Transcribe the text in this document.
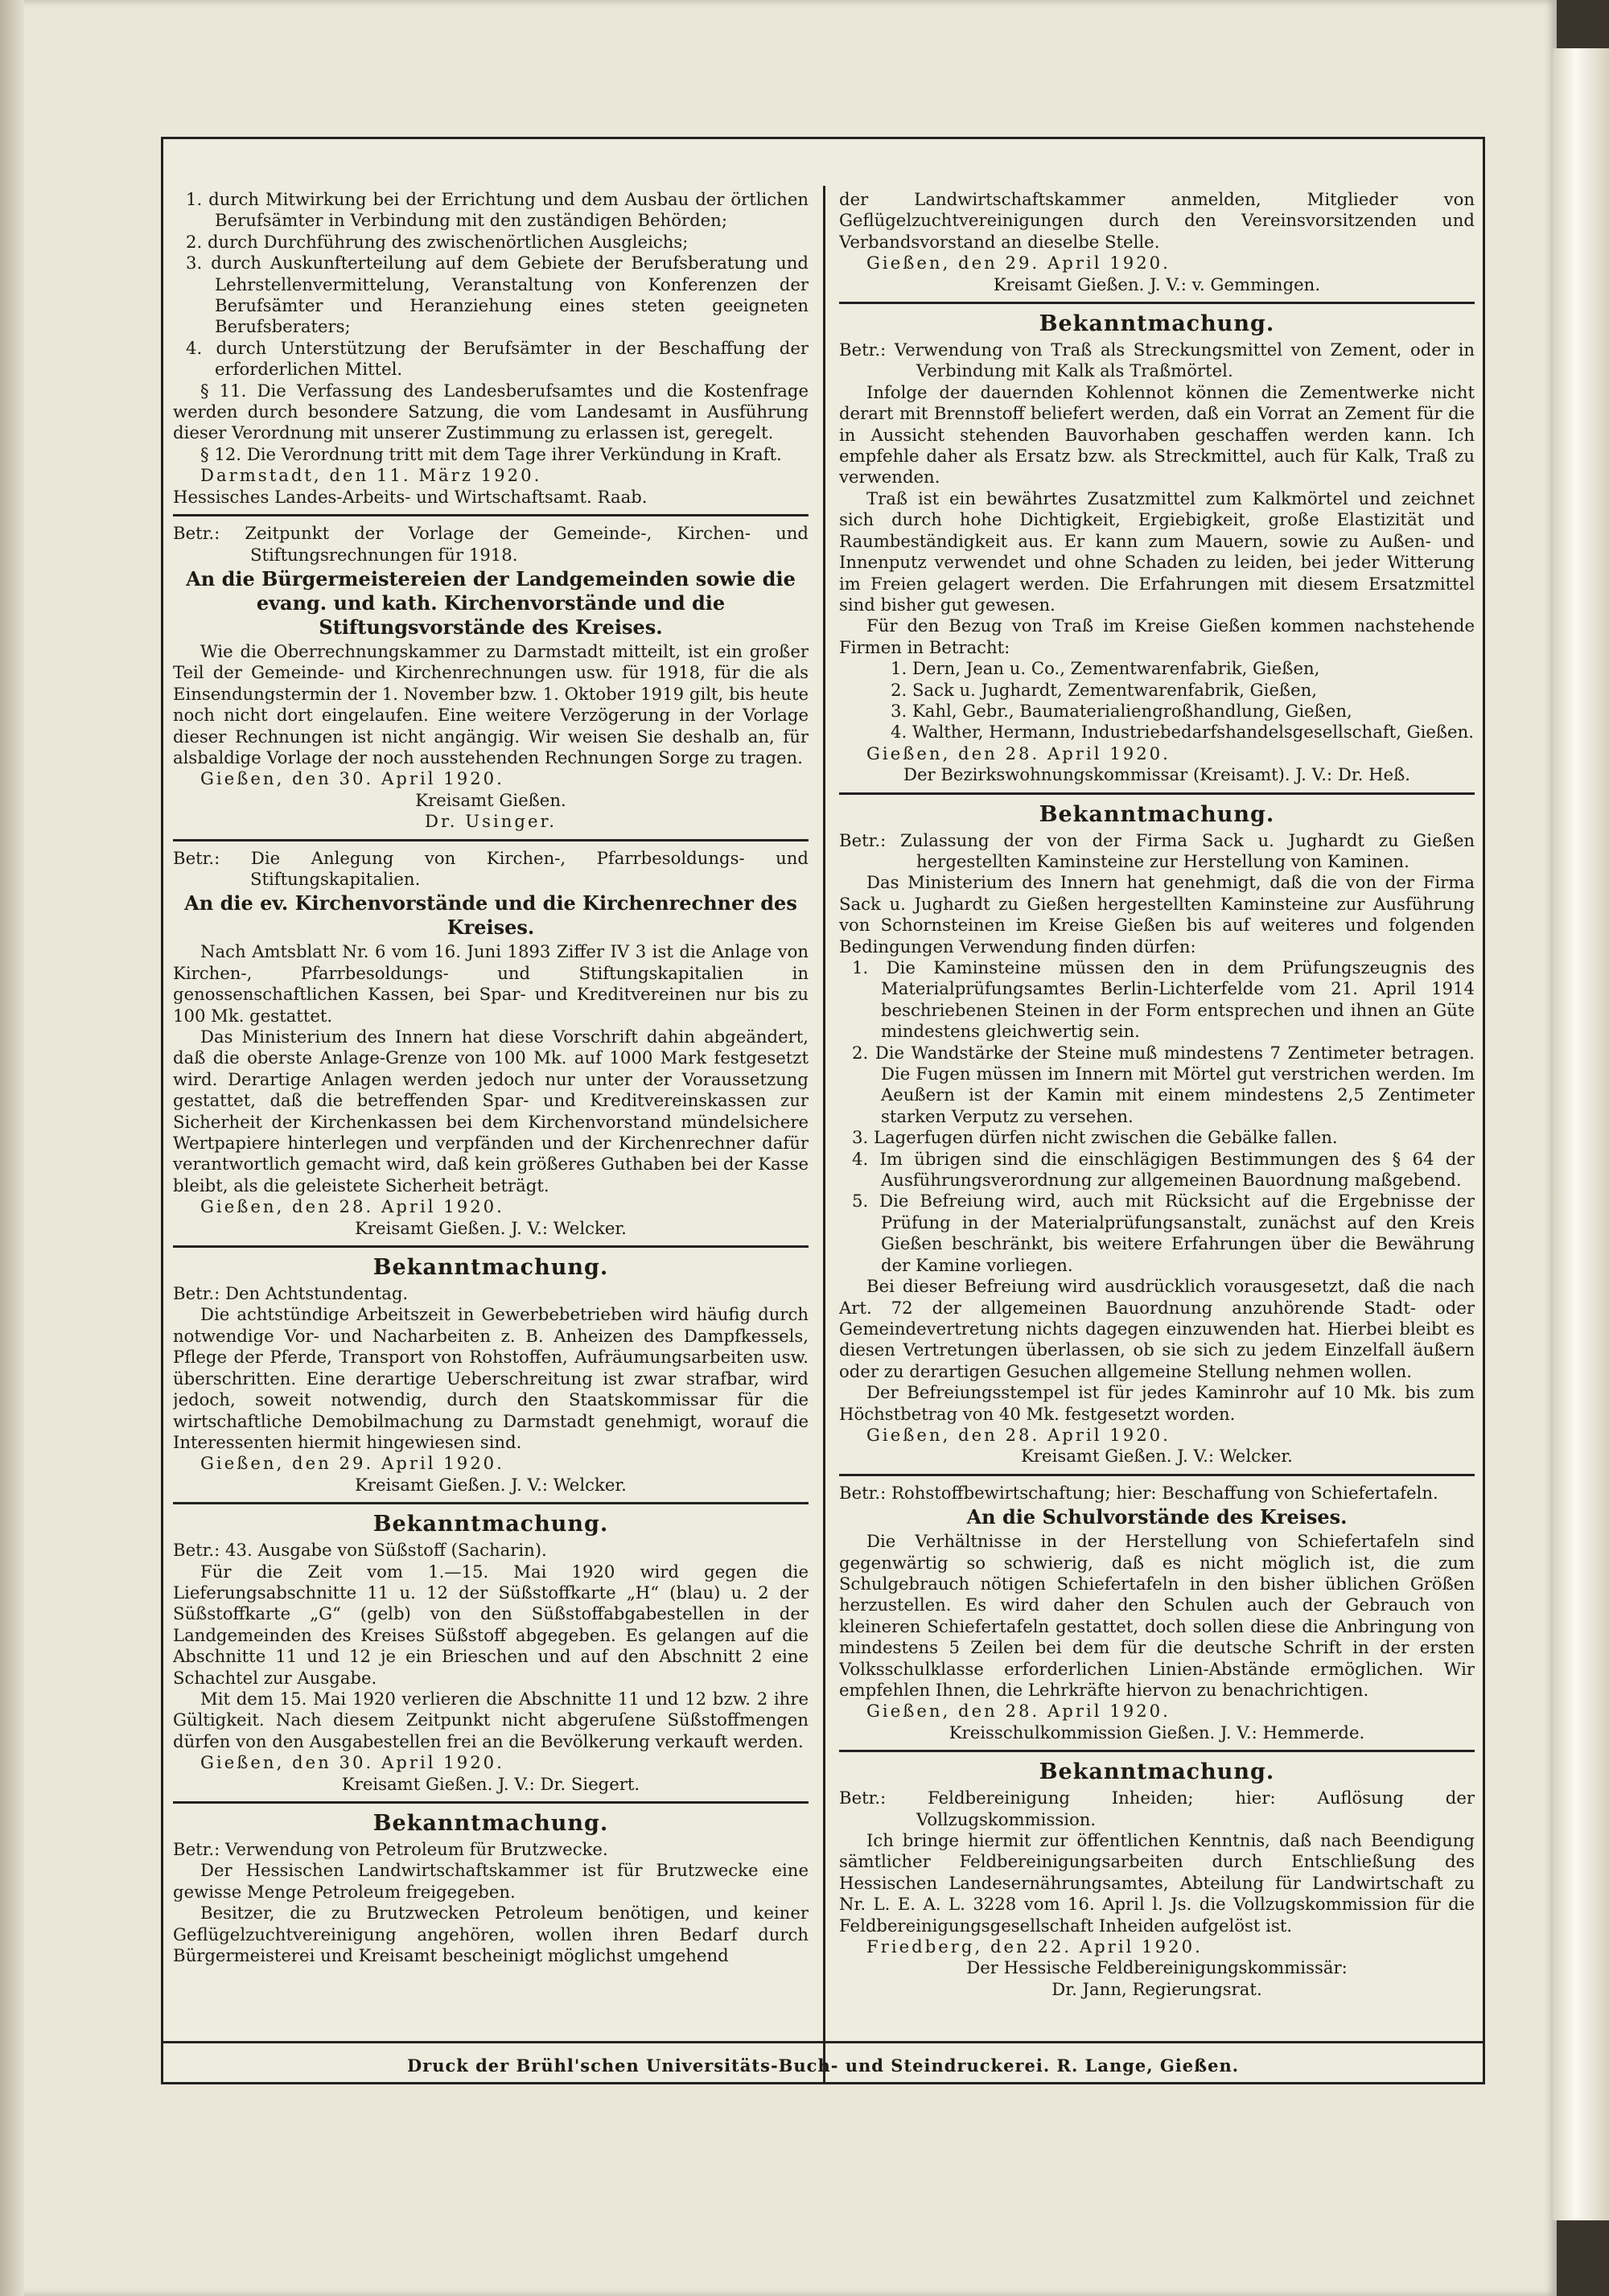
1. durch Mitwirkung bei der Errichtung und dem Ausbau der örtlichen Berufsämter in Verbindung mit den zuständigen Behörden;

2. durch Durchführung des zwischenörtlichen Ausgleichs;

3. durch Auskunfterteilung auf dem Gebiete der Berufsberatung und Lehrstellenvermittelung, Veranstaltung von Konferenzen der Berufsämter und Heranziehung eines steten geeigneten Berufsberaters;

4. durch Unterstützung der Berufsämter in der Beschaffung der erforderlichen Mittel.

§ 11. Die Verfassung des Landesberufsamtes und die Kostenfrage werden durch besondere Satzung, die vom Landesamt in Ausführung dieser Verordnung mit unserer Zustimmung zu erlassen ist, geregelt.

§ 12. Die Verordnung tritt mit dem Tage ihrer Verkündung in Kraft.

Darmstadt, den 11. März 1920.

Hessisches Landes-Arbeits- und Wirtschaftsamt. Raab.

Betr.: Zeitpunkt der Vorlage der Gemeinde-, Kirchen- und Stiftungsrechnungen für 1918.

An die Bürgermeistereien der Landgemeinden sowie die evang. und kath. Kirchenvorstände und die Stiftungsvorstände des Kreises.

Wie die Oberrechnungskammer zu Darmstadt mitteilt, ist ein großer Teil der Gemeinde- und Kirchenrechnungen usw. für 1918, für die als Einsendungstermin der 1. November bzw. 1. Oktober 1919 gilt, bis heute noch nicht dort eingelaufen. Eine weitere Verzögerung in der Vorlage dieser Rechnungen ist nicht angängig. Wir weisen Sie deshalb an, für alsbaldige Vorlage der noch ausstehenden Rechnungen Sorge zu tragen.

Gießen, den 30. April 1920.

Kreisamt Gießen.

Dr. Usinger.

Betr.: Die Anlegung von Kirchen-, Pfarrbesoldungs- und Stiftungskapitalien.

An die ev. Kirchenvorstände und die Kirchenrechner des Kreises.

Nach Amtsblatt Nr. 6 vom 16. Juni 1893 Ziffer IV 3 ist die Anlage von Kirchen-, Pfarrbesoldungs- und Stiftungskapitalien in genossenschaftlichen Kassen, bei Spar- und Kreditvereinen nur bis zu 100 Mk. gestattet.

Das Ministerium des Innern hat diese Vorschrift dahin abgeändert, daß die oberste Anlage-Grenze von 100 Mk. auf 1000 Mark festgesetzt wird. Derartige Anlagen werden jedoch nur unter der Voraussetzung gestattet, daß die betreffenden Spar- und Kreditvereinskassen zur Sicherheit der Kirchenkassen bei dem Kirchenvorstand mündelsichere Wertpapiere hinterlegen und verpfänden und der Kirchenrechner dafür verantwortlich gemacht wird, daß kein größeres Guthaben bei der Kasse bleibt, als die geleistete Sicherheit beträgt.

Gießen, den 28. April 1920.

Kreisamt Gießen. J. V.: Welcker.

Bekanntmachung.

Betr.: Den Achtstundentag.

Die achtstündige Arbeitszeit in Gewerbebetrieben wird häufig durch notwendige Vor- und Nacharbeiten z. B. Anheizen des Dampfkessels, Pflege der Pferde, Transport von Rohstoffen, Aufräumungsarbeiten usw. überschritten. Eine derartige Ueberschreitung ist zwar strafbar, wird jedoch, soweit notwendig, durch den Staatskommissar für die wirtschaftliche Demobilmachung zu Darmstadt genehmigt, worauf die Interessenten hiermit hingewiesen sind.

Gießen, den 29. April 1920.

Kreisamt Gießen. J. V.: Welcker.

Bekanntmachung.

Betr.: 43. Ausgabe von Süßstoff (Sacharin).

Für die Zeit vom 1.—15. Mai 1920 wird gegen die Lieferungsabschnitte 11 u. 12 der Süßstoffkarte „H“ (blau) u. 2 der Süßstoffkarte „G“ (gelb) von den Süßstoffabgabestellen in der Landgemeinden des Kreises Süßstoff abgegeben. Es gelangen auf die Abschnitte 11 und 12 je ein Brieschen und auf den Abschnitt 2 eine Schachtel zur Ausgabe.

Mit dem 15. Mai 1920 verlieren die Abschnitte 11 und 12 bzw. 2 ihre Gültigkeit. Nach diesem Zeitpunkt nicht abgeruſene Süßstoffmengen dürfen von den Ausgabestellen frei an die Bevölkerung verkauft werden.

Gießen, den 30. April 1920.

Kreisamt Gießen. J. V.: Dr. Siegert.

Bekanntmachung.

Betr.: Verwendung von Petroleum für Brutzwecke.

Der Hessischen Landwirtschaftskammer ist für Brutzwecke eine gewisse Menge Petroleum freigegeben.

Besitzer, die zu Brutzwecken Petroleum benötigen, und keiner Geflügelzuchtvereinigung angehören, wollen ihren Bedarf durch Bürgermeisterei und Kreisamt bescheinigt möglichst umgehend

der Landwirtschaftskammer anmelden, Mitglieder von Geflügelzuchtvereinigungen durch den Vereinsvorsitzenden und Verbandsvorstand an dieselbe Stelle.

Gießen, den 29. April 1920.

Kreisamt Gießen. J. V.: v. Gemmingen.

Bekanntmachung.

Betr.: Verwendung von Traß als Streckungsmittel von Zement, oder in Verbindung mit Kalk als Traßmörtel.

Infolge der dauernden Kohlennot können die Zementwerke nicht derart mit Brennstoff beliefert werden, daß ein Vorrat an Zement für die in Aussicht stehenden Bauvorhaben geschaffen werden kann. Ich empfehle daher als Ersatz bzw. als Streckmittel, auch für Kalk, Traß zu verwenden.

Traß ist ein bewährtes Zusatzmittel zum Kalkmörtel und zeichnet sich durch hohe Dichtigkeit, Ergiebigkeit, große Elastizität und Raumbeständigkeit aus. Er kann zum Mauern, sowie zu Außen- und Innenputz verwendet und ohne Schaden zu leiden, bei jeder Witterung im Freien gelagert werden. Die Erfahrungen mit diesem Ersatzmittel sind bisher gut gewesen.

Für den Bezug von Traß im Kreise Gießen kommen nachstehende Firmen in Betracht:

1. Dern, Jean u. Co., Zementwarenfabrik, Gießen,

2. Sack u. Jughardt, Zementwarenfabrik, Gießen,

3. Kahl, Gebr., Baumaterialiengroßhandlung, Gießen,

4. Walther, Hermann, Industriebedarfshandelsgesellschaft, Gießen.

Gießen, den 28. April 1920.

Der Bezirkswohnungskommissar (Kreisamt). J. V.: Dr. Heß.

Bekanntmachung.

Betr.: Zulassung der von der Firma Sack u. Jughardt zu Gießen hergestellten Kaminsteine zur Herstellung von Kaminen.

Das Ministerium des Innern hat genehmigt, daß die von der Firma Sack u. Jughardt zu Gießen hergestellten Kaminsteine zur Ausführung von Schornsteinen im Kreise Gießen bis auf weiteres und folgenden Bedingungen Verwendung finden dürfen:

1. Die Kaminsteine müssen den in dem Prüfungszeugnis des Materialprüfungsamtes Berlin-Lichterfelde vom 21. April 1914 beschriebenen Steinen in der Form entsprechen und ihnen an Güte mindestens gleichwertig sein.

2. Die Wandstärke der Steine muß mindestens 7 Zentimeter betragen. Die Fugen müssen im Innern mit Mörtel gut verstrichen werden. Im Aeußern ist der Kamin mit einem mindestens 2,5 Zentimeter starken Verputz zu versehen.

3. Lagerfugen dürfen nicht zwischen die Gebälke fallen.

4. Im übrigen sind die einschlägigen Bestimmungen des § 64 der Ausführungsverordnung zur allgemeinen Bauordnung maßgebend.

5. Die Befreiung wird, auch mit Rücksicht auf die Ergebnisse der Prüfung in der Materialprüfungsanstalt, zunächst auf den Kreis Gießen beschränkt, bis weitere Erfahrungen über die Bewährung der Kamine vorliegen.

Bei dieser Befreiung wird ausdrücklich vorausgesetzt, daß die nach Art. 72 der allgemeinen Bauordnung anzuhörende Stadt- oder Gemeindevertretung nichts dagegen einzuwenden hat. Hierbei bleibt es diesen Vertretungen überlassen, ob sie sich zu jedem Einzelfall äußern oder zu derartigen Gesuchen allgemeine Stellung nehmen wollen.

Der Befreiungsstempel ist für jedes Kaminrohr auf 10 Mk. bis zum Höchstbetrag von 40 Mk. festgesetzt worden.

Gießen, den 28. April 1920.

Kreisamt Gießen. J. V.: Welcker.

Betr.: Rohstoffbewirtschaftung; hier: Beschaffung von Schiefertafeln.

An die Schulvorstände des Kreises.

Die Verhältnisse in der Herstellung von Schiefertafeln sind gegenwärtig so schwierig, daß es nicht möglich ist, die zum Schulgebrauch nötigen Schiefertafeln in den bisher üblichen Größen herzustellen. Es wird daher den Schulen auch der Gebrauch von kleineren Schiefertafeln gestattet, doch sollen diese die Anbringung von mindestens 5 Zeilen bei dem für die deutsche Schrift in der ersten Volksschulklasse erforderlichen Linien-Abstände ermöglichen. Wir empfehlen Ihnen, die Lehrkräfte hiervon zu benachrichtigen.

Gießen, den 28. April 1920.

Kreisschulkommission Gießen. J. V.: Hemmerde.

Bekanntmachung.

Betr.: Feldbereinigung Inheiden; hier: Auflösung der Vollzugskommission.

Ich bringe hiermit zur öffentlichen Kenntnis, daß nach Beendigung sämtlicher Feldbereinigungsarbeiten durch Entschließung des Hessischen Landesernährungsamtes, Abteilung für Landwirtschaft zu Nr. L. E. A. L. 3228 vom 16. April l. Js. die Vollzugskommission für die Feldbereinigungsgesellschaft Inheiden aufgelöst ist.

Friedberg, den 22. April 1920.

Der Hessische Feldbereinigungskommissär:

Dr. Jann, Regierungsrat.

Druck der Brühl'schen Universitäts-Buch- und Steindruckerei. R. Lange, Gießen.
